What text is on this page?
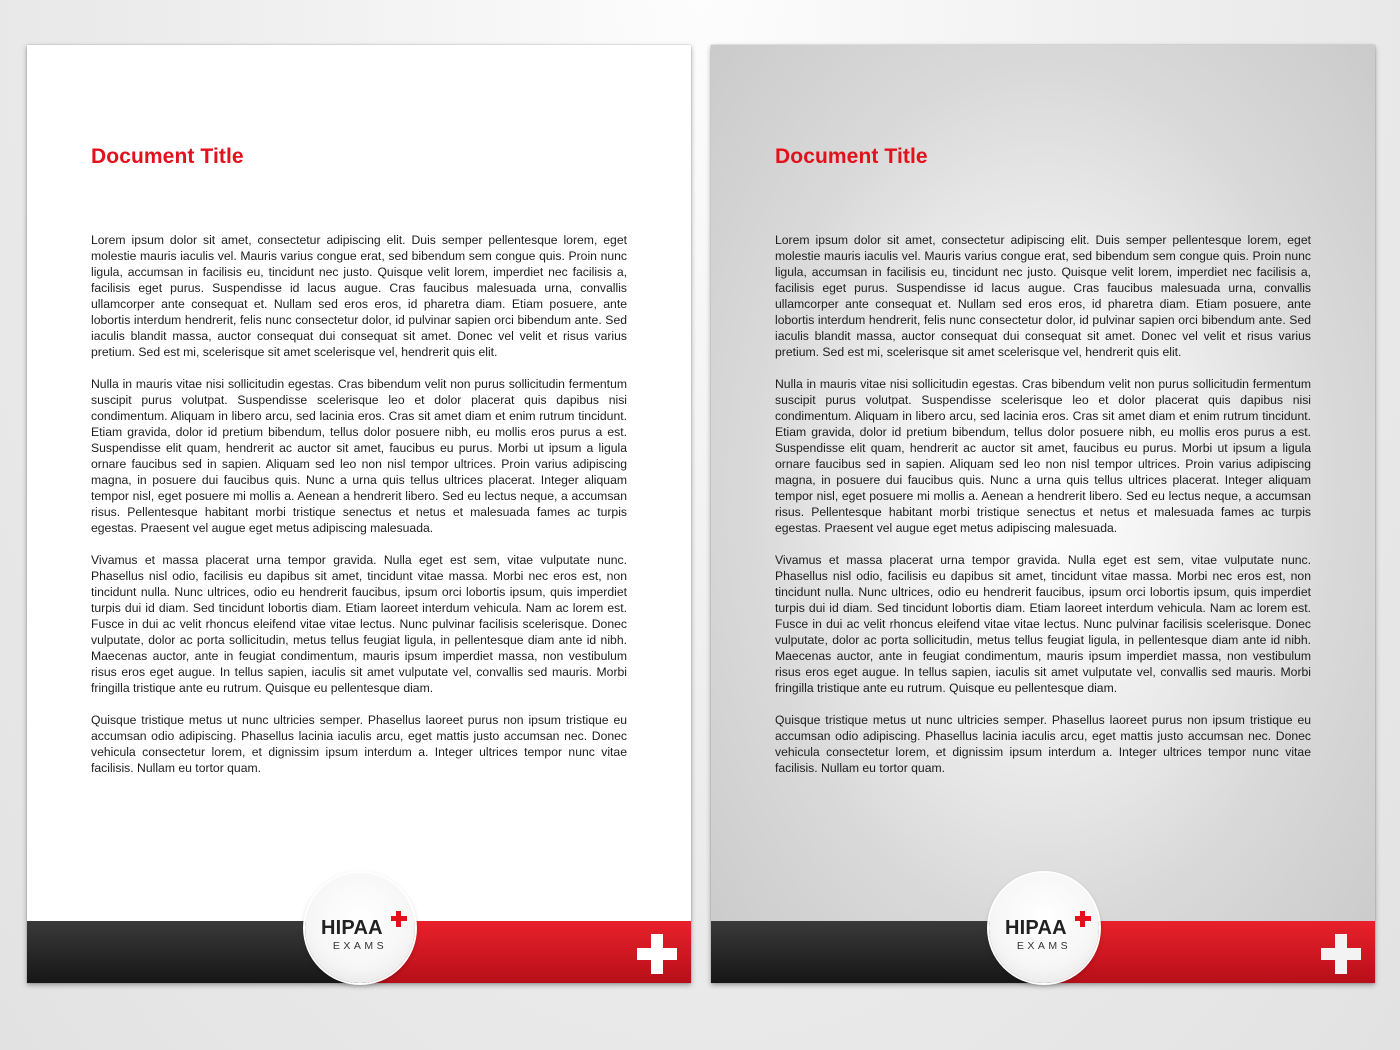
Document Title

Lorem ipsum dolor sit amet, consectetur adipiscing elit. Duis semper pellentesque lorem, eget molestie mauris iaculis vel. Mauris varius congue erat, sed bibendum sem congue quis. Proin nunc ligula, accumsan in facilisis eu, tincidunt nec justo. Quisque velit lorem, imperdiet nec facilisis a, facilisis eget purus. Suspendisse id lacus augue. Cras faucibus malesuada urna, convallis ullamcorper ante consequat et. Nullam sed eros eros, id pharetra diam. Etiam posuere, ante lobortis interdum hendrerit, felis nunc consectetur dolor, id pulvinar sapien orci bibendum ante. Sed iaculis blandit massa, auctor consequat dui consequat sit amet. Donec vel velit et risus varius pretium. Sed est mi, scelerisque sit amet scelerisque vel, hendrerit quis elit.

Nulla in mauris vitae nisi sollicitudin egestas. Cras bibendum velit non purus sollicitudin fermentum suscipit purus volutpat. Suspendisse scelerisque leo et dolor placerat quis dapibus nisi condimentum. Aliquam in libero arcu, sed lacinia eros. Cras sit amet diam et enim rutrum tincidunt. Etiam gravida, dolor id pretium bibendum, tellus dolor posuere nibh, eu mollis eros purus a est. Suspendisse elit quam, hendrerit ac auctor sit amet, faucibus eu purus. Morbi ut ipsum a ligula ornare faucibus sed in sapien. Aliquam sed leo non nisl tempor ultrices. Proin varius adipiscing magna, in posuere dui faucibus quis. Nunc a urna quis tellus ultrices placerat. Integer aliquam tempor nisl, eget posuere mi mollis a. Aenean a hendrerit libero. Sed eu lectus neque, a accumsan risus. Pellentesque habitant morbi tristique senectus et netus et malesuada fames ac turpis egestas. Praesent vel augue eget metus adipiscing malesuada.

Vivamus et massa placerat urna tempor gravida. Nulla eget est sem, vitae vulputate nunc. Phasellus nisl odio, facilisis eu dapibus sit amet, tincidunt vitae massa. Morbi nec eros est, non tincidunt nulla. Nunc ultrices, odio eu hendrerit faucibus, ipsum orci lobortis ipsum, quis imperdiet turpis dui id diam. Sed tincidunt lobortis diam. Etiam laoreet interdum vehicula. Nam ac lorem est. Fusce in dui ac velit rhoncus eleifend vitae vitae lectus. Nunc pulvinar facilisis scelerisque. Donec vulputate, dolor ac porta sollicitudin, metus tellus feugiat ligula, in pellentesque diam ante id nibh. Maecenas auctor, ante in feugiat condimentum, mauris ipsum imperdiet massa, non vestibulum risus eros eget augue. In tellus sapien, iaculis sit amet vulputate vel, convallis sed mauris. Morbi fringilla tristique ante eu rutrum. Quisque eu pellentesque diam.

Quisque tristique metus ut nunc ultricies semper. Phasellus laoreet purus non ipsum tristique eu accumsan odio adipiscing. Phasellus lacinia iaculis arcu, eget mattis justo accumsan nec. Donec vehicula consectetur lorem, et dignissim ipsum interdum a. Integer ultrices tempor nunc vitae facilisis. Nullam eu tortor quam.

HIPAA
EXAMS
Document Title

Lorem ipsum dolor sit amet, consectetur adipiscing elit. Duis semper pellentesque lorem, eget molestie mauris iaculis vel. Mauris varius congue erat, sed bibendum sem congue quis. Proin nunc ligula, accumsan in facilisis eu, tincidunt nec justo. Quisque velit lorem, imperdiet nec facilisis a, facilisis eget purus. Suspendisse id lacus augue. Cras faucibus malesuada urna, convallis ullamcorper ante consequat et. Nullam sed eros eros, id pharetra diam. Etiam posuere, ante lobortis interdum hendrerit, felis nunc consectetur dolor, id pulvinar sapien orci bibendum ante. Sed iaculis blandit massa, auctor consequat dui consequat sit amet. Donec vel velit et risus varius pretium. Sed est mi, scelerisque sit amet scelerisque vel, hendrerit quis elit.

Nulla in mauris vitae nisi sollicitudin egestas. Cras bibendum velit non purus sollicitudin fermentum suscipit purus volutpat. Suspendisse scelerisque leo et dolor placerat quis dapibus nisi condimentum. Aliquam in libero arcu, sed lacinia eros. Cras sit amet diam et enim rutrum tincidunt. Etiam gravida, dolor id pretium bibendum, tellus dolor posuere nibh, eu mollis eros purus a est. Suspendisse elit quam, hendrerit ac auctor sit amet, faucibus eu purus. Morbi ut ipsum a ligula ornare faucibus sed in sapien. Aliquam sed leo non nisl tempor ultrices. Proin varius adipiscing magna, in posuere dui faucibus quis. Nunc a urna quis tellus ultrices placerat. Integer aliquam tempor nisl, eget posuere mi mollis a. Aenean a hendrerit libero. Sed eu lectus neque, a accumsan risus. Pellentesque habitant morbi tristique senectus et netus et malesuada fames ac turpis egestas. Praesent vel augue eget metus adipiscing malesuada.

Vivamus et massa placerat urna tempor gravida. Nulla eget est sem, vitae vulputate nunc. Phasellus nisl odio, facilisis eu dapibus sit amet, tincidunt vitae massa. Morbi nec eros est, non tincidunt nulla. Nunc ultrices, odio eu hendrerit faucibus, ipsum orci lobortis ipsum, quis imperdiet turpis dui id diam. Sed tincidunt lobortis diam. Etiam laoreet interdum vehicula. Nam ac lorem est. Fusce in dui ac velit rhoncus eleifend vitae vitae lectus. Nunc pulvinar facilisis scelerisque. Donec vulputate, dolor ac porta sollicitudin, metus tellus feugiat ligula, in pellentesque diam ante id nibh. Maecenas auctor, ante in feugiat condimentum, mauris ipsum imperdiet massa, non vestibulum risus eros eget augue. In tellus sapien, iaculis sit amet vulputate vel, convallis sed mauris. Morbi fringilla tristique ante eu rutrum. Quisque eu pellentesque diam.

Quisque tristique metus ut nunc ultricies semper. Phasellus laoreet purus non ipsum tristique eu accumsan odio adipiscing. Phasellus lacinia iaculis arcu, eget mattis justo accumsan nec. Donec vehicula consectetur lorem, et dignissim ipsum interdum a. Integer ultrices tempor nunc vitae facilisis. Nullam eu tortor quam.

HIPAA
EXAMS
